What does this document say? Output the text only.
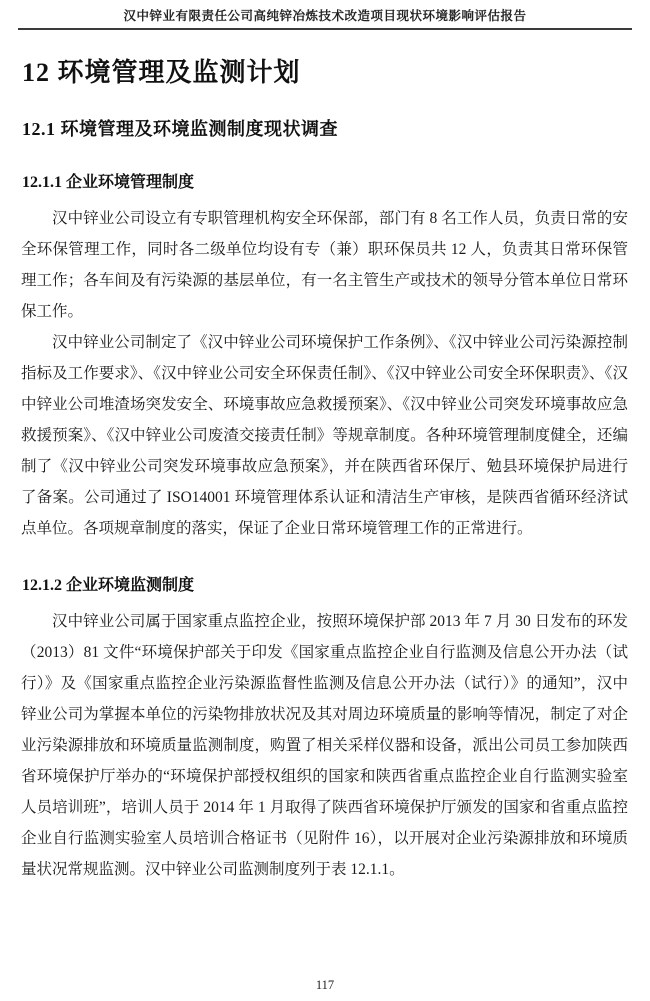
汉中锌业有限责任公司高纯锌冶炼技术改造项目现状环境影响评估报告
12 环境管理及监测计划
12.1 环境管理及环境监测制度现状调查
12.1.1 企业环境管理制度

汉中锌业公司设立有专职管理机构安全环保部，部门有 8 名工作人员，负责日常的安全环保管理工作，同时各二级单位均设有专（兼）职环保员共 12 人，负责其日常环保管理工作；各车间及有污染源的基层单位，有一名主管生产或技术的领导分管本单位日常环保工作。

汉中锌业公司制定了《汉中锌业公司环境保护工作条例》、《汉中锌业公司污染源控制指标及工作要求》、《汉中锌业公司安全环保责任制》、《汉中锌业公司安全环保职责》、《汉中锌业公司堆渣场突发安全、环境事故应急救援预案》、《汉中锌业公司突发环境事故应急救援预案》、《汉中锌业公司废渣交接责任制》等规章制度。各种环境管理制度健全，还编制了《汉中锌业公司突发环境事故应急预案》，并在陕西省环保厅、勉县环境保护局进行了备案。公司通过了 ISO14001 环境管理体系认证和清洁生产审核，是陕西省循环经济试点单位。各项规章制度的落实，保证了企业日常环境管理工作的正常进行。

12.1.2 企业环境监测制度

汉中锌业公司属于国家重点监控企业，按照环境保护部 2013 年 7 月 30 日发布的环发（2013）81 文件“环境保护部关于印发《国家重点监控企业自行监测及信息公开办法（试行）》及《国家重点监控企业污染源监督性监测及信息公开办法（试行）》的通知”，汉中锌业公司为掌握本单位的污染物排放状况及其对周边环境质量的影响等情况，制定了对企业污染源排放和环境质量监测制度，购置了相关采样仪器和设备，派出公司员工参加陕西省环境保护厅举办的“环境保护部授权组织的国家和陕西省重点监控企业自行监测实验室人员培训班”，培训人员于 2014 年 1 月取得了陕西省环境保护厅颁发的国家和省重点监控企业自行监测实验室人员培训合格证书（见附件 16），以开展对企业污染源排放和环境质量状况常规监测。汉中锌业公司监测制度列于表 12.1.1。

117
